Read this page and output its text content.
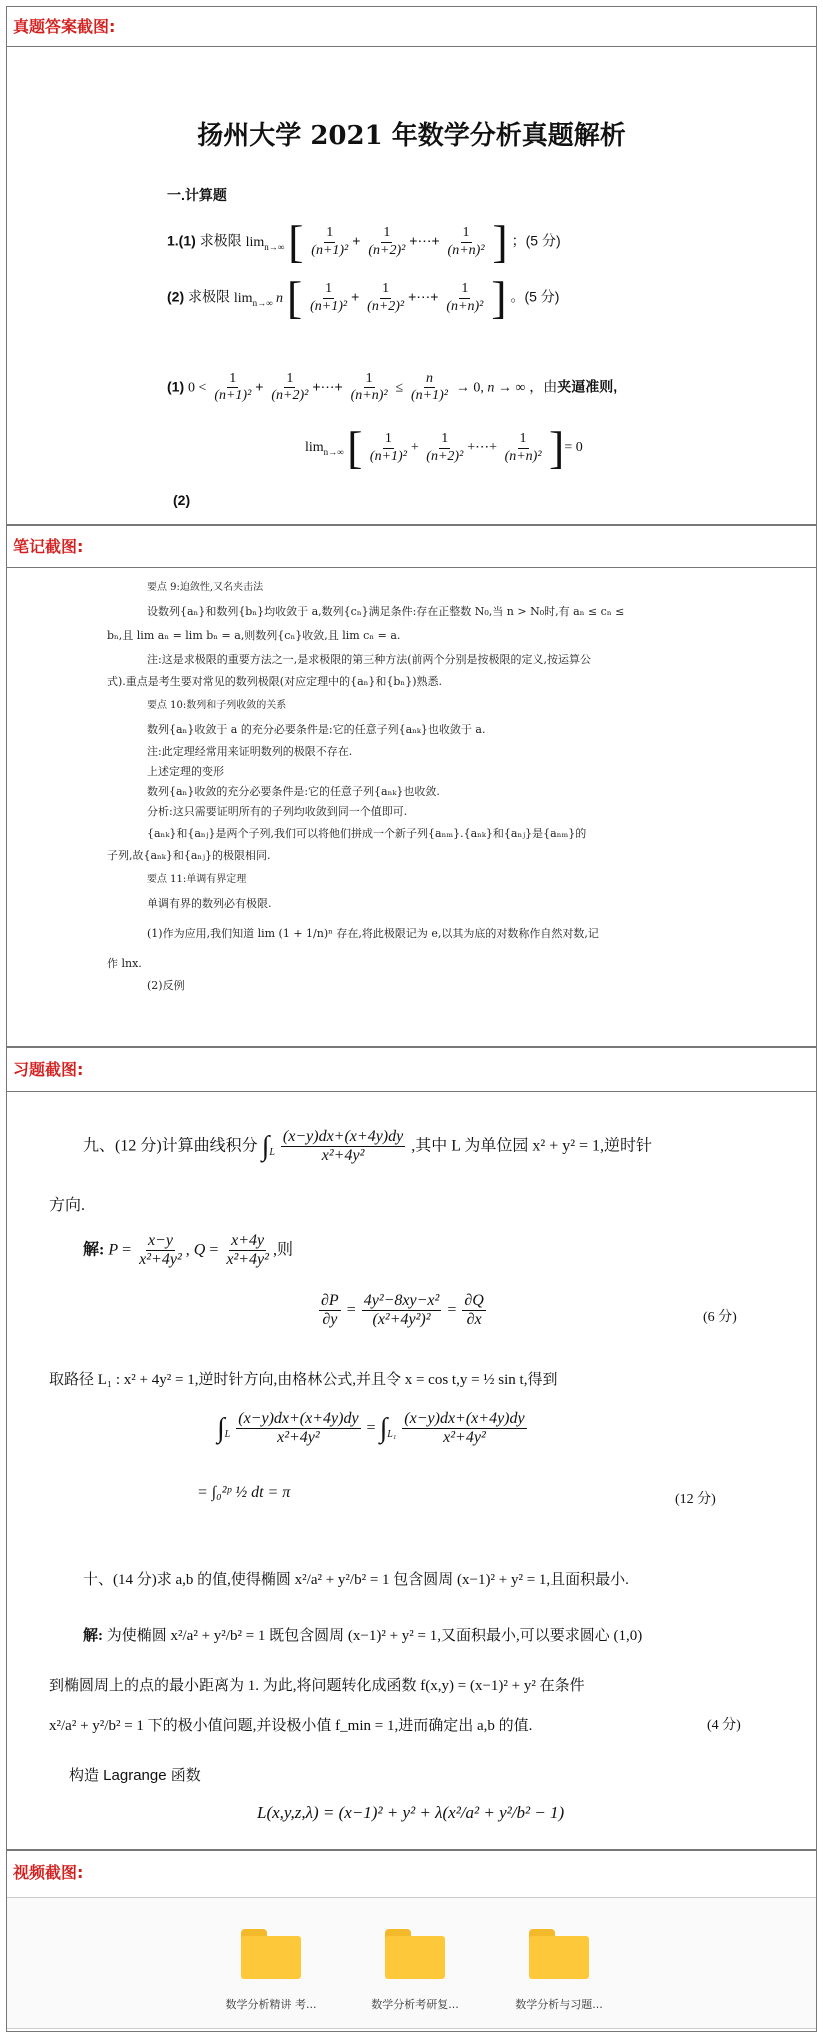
真题答案截图:
扬州大学 2021 年数学分析真题解析
一.计算题
1.(1) 求极限 $\lim_{n\to\infty}$ [ $\frac{1}{\text{(n+1)²}} + \frac{1}{\text{(n+2)²}}$ +⋯+ $\frac{1}{\text{(n+n)²}}$ ] ；(5 分)
(2) 求极限 $\lim_{n\to\infty} n$ [ $\frac{1}{\text{(n+1)²}} + \frac{1}{\text{(n+2)²}}$ +⋯+ $\frac{1}{\text{(n+n)²}}$ ] 。(5 分)
(1) $0 < \frac{1}{\text{(n+1)²}} + \frac{1}{\text{(n+2)²}}$ +⋯+ $\frac{1}{\text{(n+n)²}} \le \frac{n}{\text{(n+1)²}} \to 0$, n → ∞ ，由夹逼准则,
$\lim_{n\to\infty}$ [ $\frac{1}{\text{(n+1)²}} + \frac{1}{\text{(n+2)²}}$ +⋯+ $\frac{1}{\text{(n+n)²}}$ ]= 0
(2)
笔记截图:
要点 9:迫敛性,又名夹击法
设数列{aₙ}和数列{bₙ}均收敛于 a,数列{cₙ}满足条件:存在正整数 N₀,当 n > N₀时,有 aₙ ≤ cₙ ≤
bₙ,且 lim aₙ = lim bₙ = a,则数列{cₙ}收敛,且 lim cₙ = a.
注:这是求极限的重要方法之一,是求极限的第三种方法(前两个分别是按极限的定义,按运算公
式).重点是考生要对常见的数列极限(对应定理中的{aₙ}和{bₙ})熟悉.
要点 10:数列和子列收敛的关系
数列{aₙ}收敛于 a 的充分必要条件是:它的任意子列{aₙₖ}也收敛于 a.
注:此定理经常用来证明数列的极限不存在.
上述定理的变形
数列{aₙ}收敛的充分必要条件是:它的任意子列{aₙₖ}也收敛.
分析:这只需要证明所有的子列均收敛到同一个值即可.
{aₙₖ}和{aₙⱼ}是两个子列,我们可以将他们拼成一个新子列{aₙₘ}.{aₙₖ}和{aₙⱼ}是{aₙₘ}的
子列,故{aₙₖ}和{aₙⱼ}的极限相同.
要点 11:单调有界定理
单调有界的数列必有极限.
(1)作为应用,我们知道 lim (1 + 1/n)ⁿ 存在,将此极限记为 e,以其为底的对数称作自然对数,记
作 lnx.
(2)反例
习题截图:
九、(12 分)计算曲线积分 $\int_L \frac{(x-y)dx+(x+4y)dy}{\text{x²+4y²}}$ ,其中 L 为单位园 x² + y² = 1,逆时针
方向.
解: $P = \frac{x-y}{\text{x²+4y²}}$ , $Q = \frac{x+4y}{\text{x²+4y²}}$ ,则
$\frac{\partial P}{\partial y} = \frac{\text{4y²−8xy−x²}}{\text{(x²+4y²)²}} = \frac{\partial Q}{\partial x}$	(6 分)
取路径 L₁ : x² + 4y² = 1,逆时针方向,由格林公式,并且令 x = cos t,y = ½ sin t,得到
$\int_L \frac{(x-y)dx+(x+4y)dy}{\text{x²+4y²}} = \int_{L_1} \frac{(x-y)dx+(x+4y)dy}{\text{x²+4y²}}$
= ∫₀²ᵖ ½ dt = π	(12 分)
十、(14 分)求 a,b 的值,使得椭圆 x²/a² + y²/b² = 1 包含圆周 (x−1)² + y² = 1,且面积最小.
解: 为使椭圆 x²/a² + y²/b² = 1 既包含圆周 (x−1)² + y² = 1,又面积最小,可以要求圆心 (1,0)
到椭圆周上的点的最小距离为 1. 为此,将问题转化成函数 f(x,y) = (x−1)² + y² 在条件
x²/a² + y²/b² = 1 下的极小值问题,并设极小值 f_min = 1,进而确定出 a,b 的值.	(4 分)
构造 Lagrange 函数
L(x,y,z,λ) = (x−1)² + y² + λ(x²/a² + y²/b² − 1)
视频截图:
数学分析精讲 考...	数学分析考研复...	数学分析与习题...
